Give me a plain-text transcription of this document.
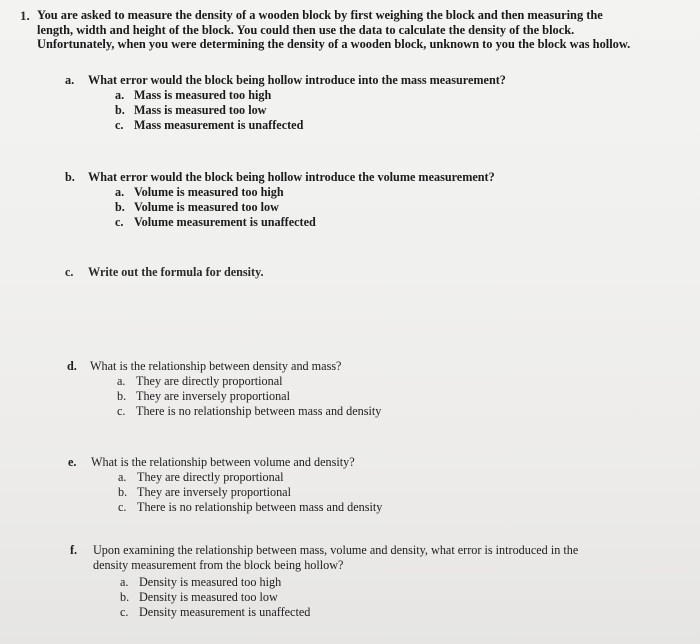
1. You are asked to measure the density of a wooden block by first weighing the block and then measuring the
length, width and height of the block. You could then use the data to calculate the density of the block.
Unfortunately, when you were determining the density of a wooden block, unknown to you the block was hollow.
a. What error would the block being hollow introduce into the mass measurement?
a. Mass is measured too high
b. Mass is measured too low
c. Mass measurement is unaffected
b. What error would the block being hollow introduce the volume measurement?
a. Volume is measured too high
b. Volume is measured too low
c. Volume measurement is unaffected
c. Write out the formula for density.
d. What is the relationship between density and mass?
a. They are directly proportional
b. They are inversely proportional
c. There is no relationship between mass and density
e. What is the relationship between volume and density?
a. They are directly proportional
b. They are inversely proportional
c. There is no relationship between mass and density
f. Upon examining the relationship between mass, volume and density, what error is introduced in the
density measurement from the block being hollow?
a. Density is measured too high
b. Density is measured too low
c. Density measurement is unaffected
